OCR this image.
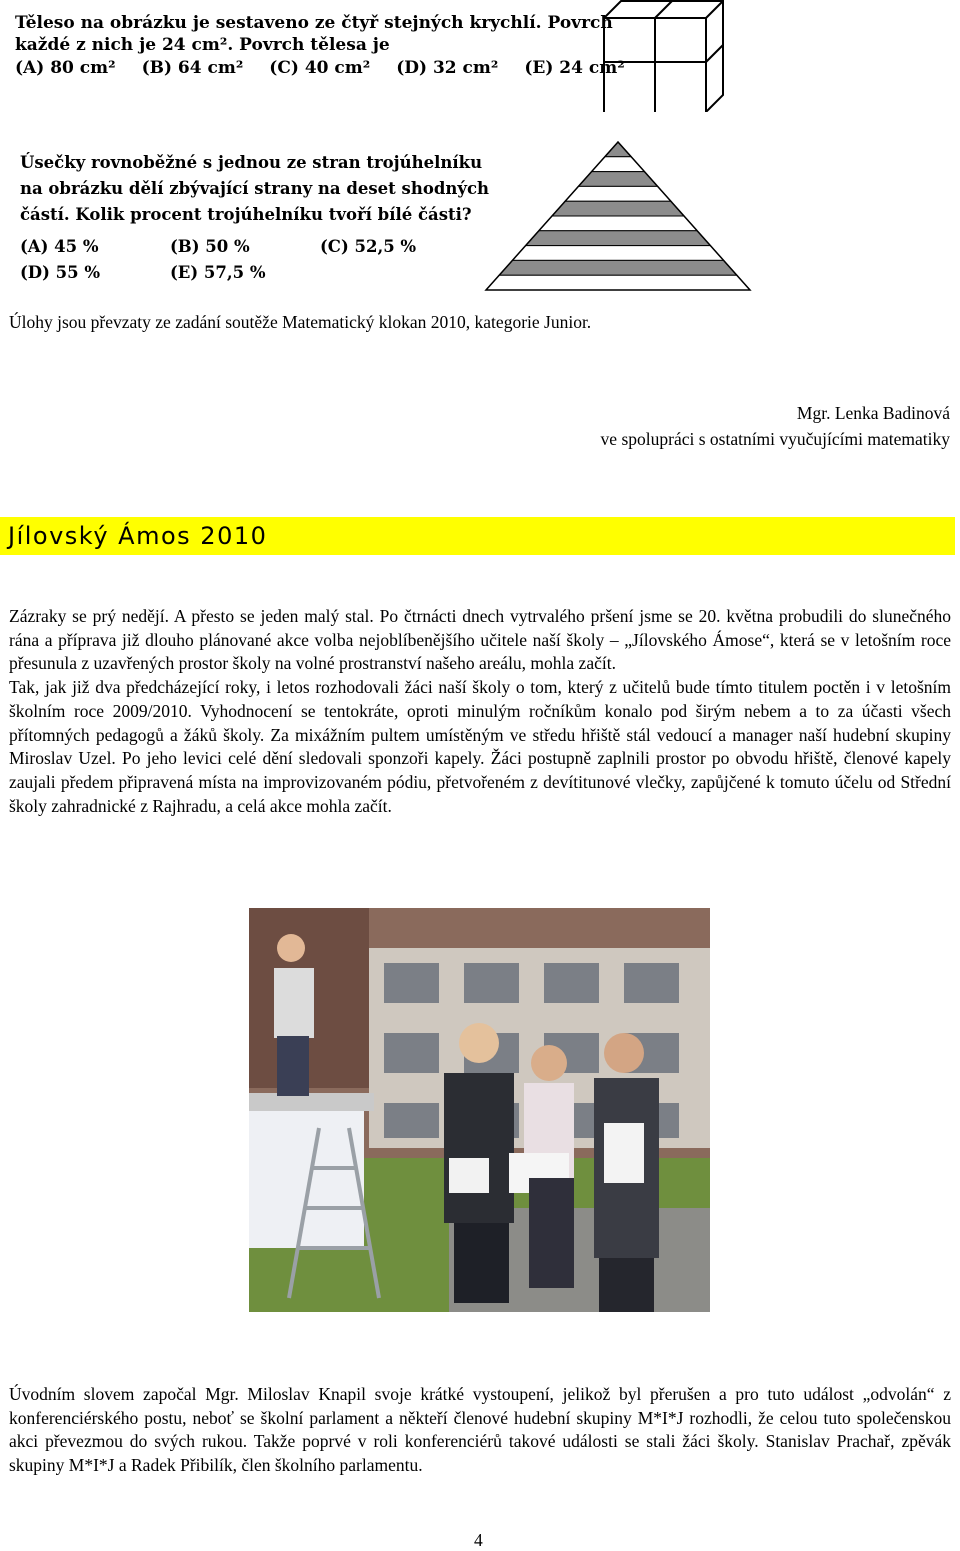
Těleso na obrázku je sestaveno ze čtyř stejných krychlí. Povrch
každé z nich je 24 cm². Povrch tělesa je
(A) 80 cm² (B) 64 cm² (C) 40 cm² (D) 32 cm² (E) 24 cm²
Úsečky rovnoběžné s jednou ze stran trojúhelníku
na obrázku dělí zbývající strany na deset shodných
částí. Kolik procent trojúhelníku tvoří bílé části?
(A) 45 %	(B) 50 %	(C) 52,5 %
(D) 55 %	(E) 57,5 %
Úlohy jsou převzaty ze zadání soutěže Matematický klokan 2010, kategorie Junior.
Mgr. Lenka Badinová
ve spolupráci s ostatními vyučujícími matematiky
Jílovský Ámos 2010

Zázraky se prý nedějí. A přesto se jeden malý stal. Po čtrnácti dnech vytrvalého pršení jsme se 20. května probudili do slunečného rána a příprava již dlouho plánované akce volba nejoblíbenějšího učitele naší školy – „Jílovského Ámose“, která se v letošním roce přesunula z uzavřených prostor školy na volné prostranství našeho areálu, mohla začít.

Tak, jak již dva předcházející roky, i letos rozhodovali žáci naší školy o tom, který z učitelů bude tímto titulem poctěn i v letošním školním roce 2009/2010. Vyhodnocení se tentokráte, oproti minulým ročníkům konalo pod širým nebem a to za účasti všech přítomných pedagogů a žáků školy. Za mixážním pultem umístěným ve středu hřiště stál vedoucí a manager naší hudební skupiny Miroslav Uzel. Po jeho levici celé dění sledovali sponzoři kapely. Žáci postupně zaplnili prostor po obvodu hřiště, členové kapely zaujali předem připravená místa na improvizovaném pódiu, přetvořeném z devítitunové vlečky, zapůjčené k tomuto účelu od Střední školy zahradnické z Rajhradu, a celá akce mohla začít.

Úvodním slovem započal Mgr. Miloslav Knapil svoje krátké vystoupení, jelikož byl přerušen a pro tuto událost „odvolán“ z konferenciérského postu, neboť se školní parlament a někteří členové hudební skupiny M*I*J rozhodli, že celou tuto společenskou akci převezmou do svých rukou. Takže poprvé v roli konferenciérů takové události se stali žáci školy. Stanislav Prachař, zpěvák skupiny M*I*J a Radek Přibilík, člen školního parlamentu.

4
